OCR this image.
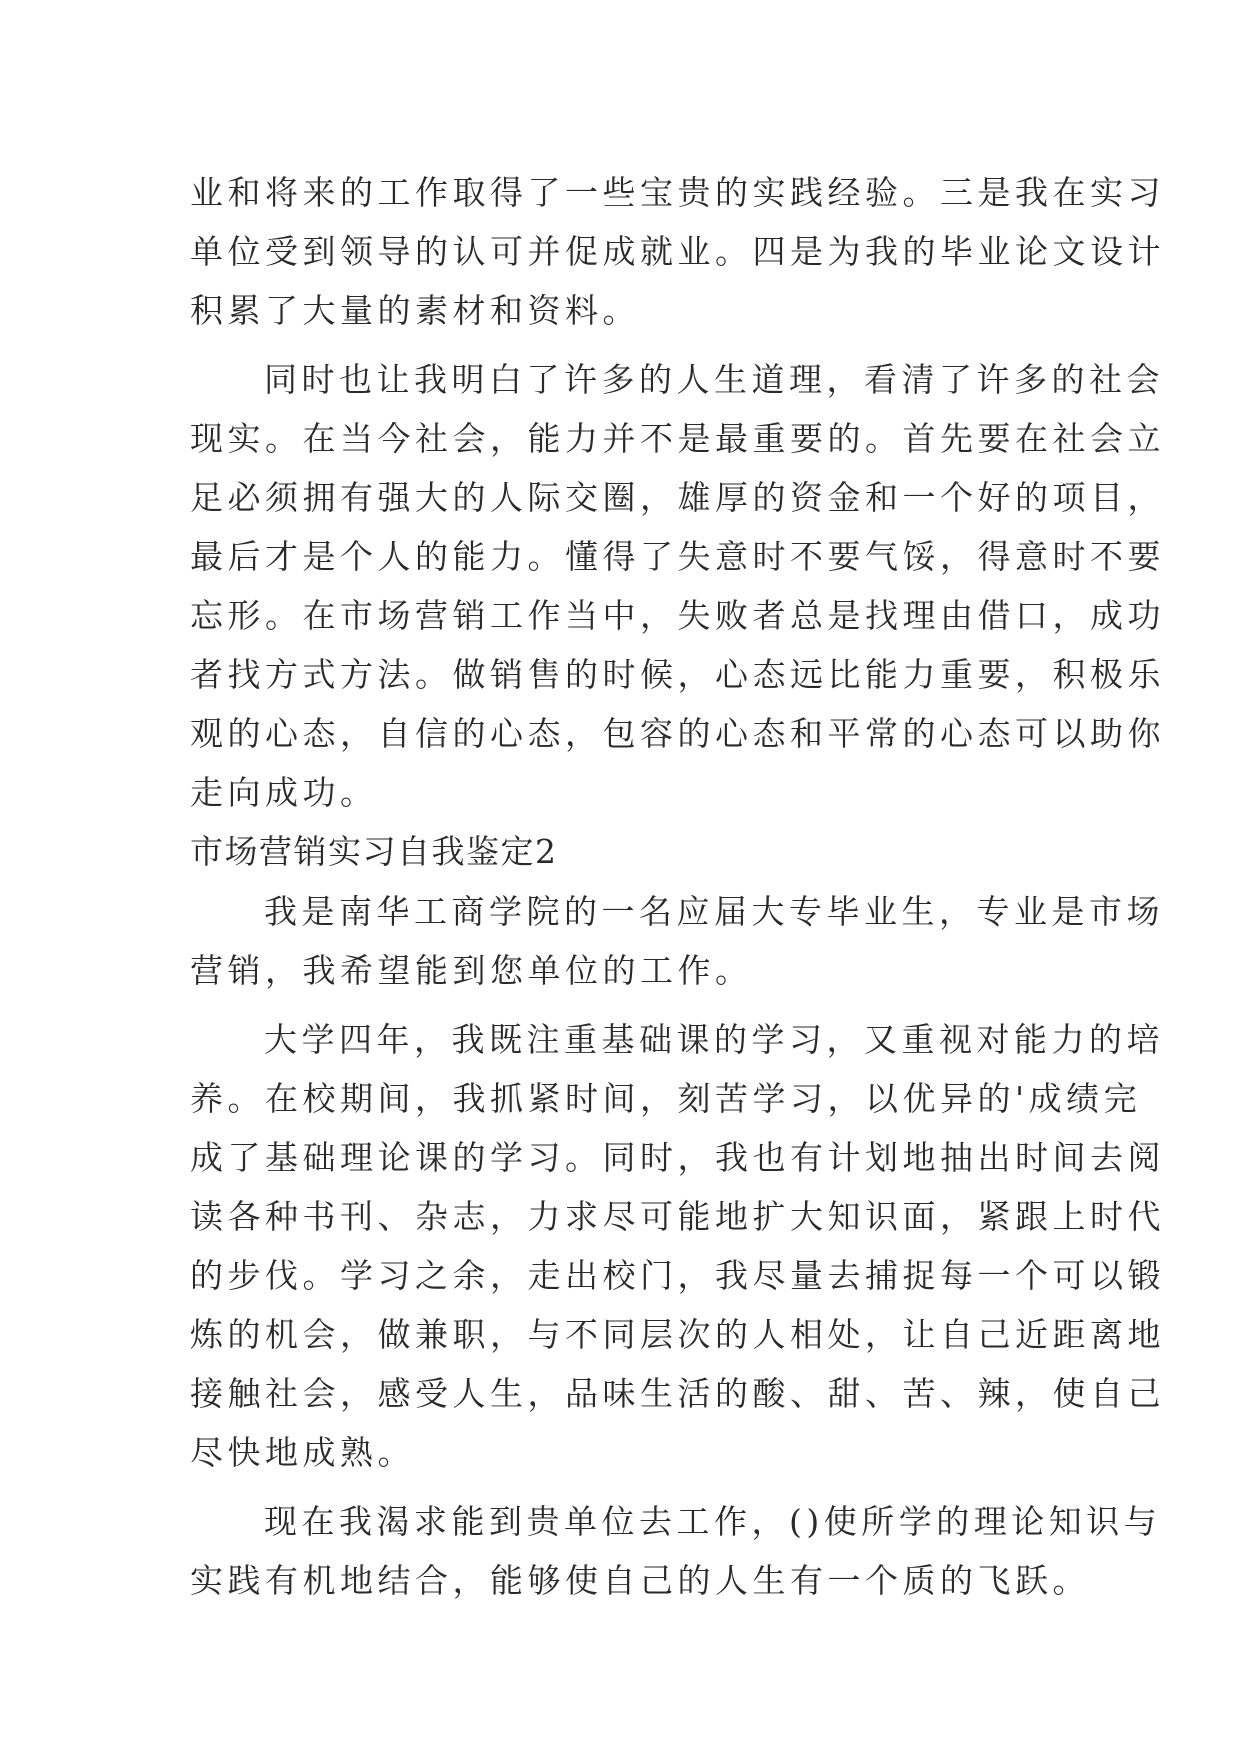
业和将来的工作取得了一些宝贵的实践经验。三是我在实习
单位受到领导的认可并促成就业。四是为我的毕业论文设计
积累了大量的素材和资料。
同时也让我明白了许多的人生道理，看清了许多的社会
现实。在当今社会，能力并不是最重要的。首先要在社会立
足必须拥有强大的人际交圈，雄厚的资金和一个好的项目，
最后才是个人的能力。懂得了失意时不要气馁，得意时不要
忘形。在市场营销工作当中，失败者总是找理由借口，成功
者找方式方法。做销售的时候，心态远比能力重要，积极乐
观的心态，自信的心态，包容的心态和平常的心态可以助你
走向成功。
市场营销实习自我鉴定2
我是南华工商学院的一名应届大专毕业生，专业是市场
营销，我希望能到您单位的工作。
大学四年，我既注重基础课的学习，又重视对能力的培
养。在校期间，我抓紧时间，刻苦学习，以优异的'成绩完
成了基础理论课的学习。同时，我也有计划地抽出时间去阅
读各种书刊、杂志，力求尽可能地扩大知识面，紧跟上时代
的步伐。学习之余，走出校门，我尽量去捕捉每一个可以锻
炼的机会，做兼职，与不同层次的人相处，让自己近距离地
接触社会，感受人生，品味生活的酸、甜、苦、辣，使自己
尽快地成熟。
现在我渴求能到贵单位去工作，()使所学的理论知识与
实践有机地结合，能够使自己的人生有一个质的飞跃。
